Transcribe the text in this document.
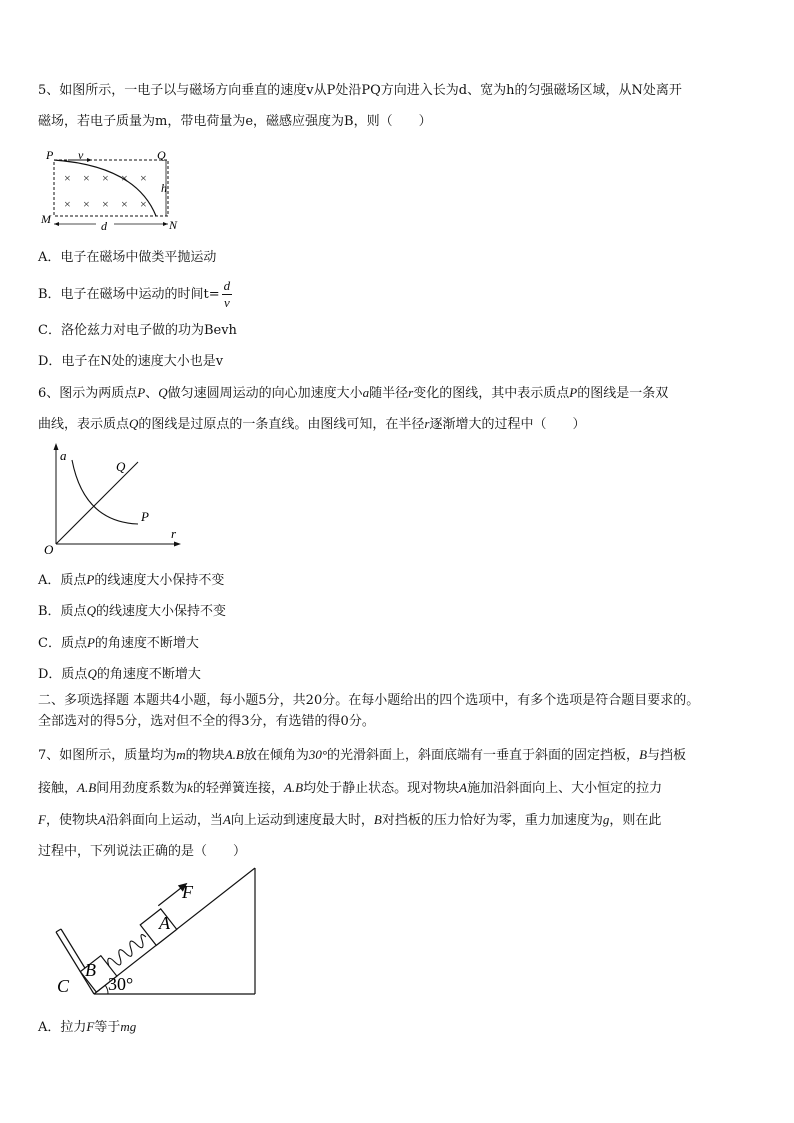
5、如图所示，一电子以与磁场方向垂直的速度v从P处沿PQ方向进入长为d、宽为h的匀强磁场区域，从N处离开
磁场，若电子质量为m，带电荷量为e，磁感应强度为B，则（　　）
P v	Q
M	N
h
d
× × × × ×
× × × × ×
A．电子在磁场中做类平抛运动
B．电子在磁场中运动的时间$t= \frac{d}{v}$
C．洛伦兹力对电子做的功为Bevh
D．电子在N处的速度大小也是v
6、图示为两质点P、Q做匀速圆周运动的向心加速度大小a随半径r变化的图线，其中表示质点P的图线是一条双
曲线，表示质点Q的图线是过原点的一条直线。由图线可知，在半径r逐渐增大的过程中（　　）
a
Q
P
r
O
A．质点P的线速度大小保持不变
B．质点Q的线速度大小保持不变
C．质点P的角速度不断增大
D．质点Q的角速度不断增大
二、多项选择题 本题共4小题，每小题5分，共20分。在每小题给出的四个选项中，有多个选项是符合题目要求的。
全部选对的得5分，选对但不全的得3分，有选错的得0分。
7、如图所示，质量均为m的物块A.B放在倾角为30°的光滑斜面上，斜面底端有一垂直于斜面的固定挡板，B与挡板
接触，A.B间用劲度系数为k的轻弹簧连接，A.B均处于静止状态。现对物块A施加沿斜面向上、大小恒定的拉力
F，使物块A沿斜面向上运动，当A向上运动到速度最大时，B对挡板的压力恰好为零，重力加速度为g，则在此
过程中，下列说法正确的是（　　）
B
A
F
C 30°
A．拉力F等于mg
